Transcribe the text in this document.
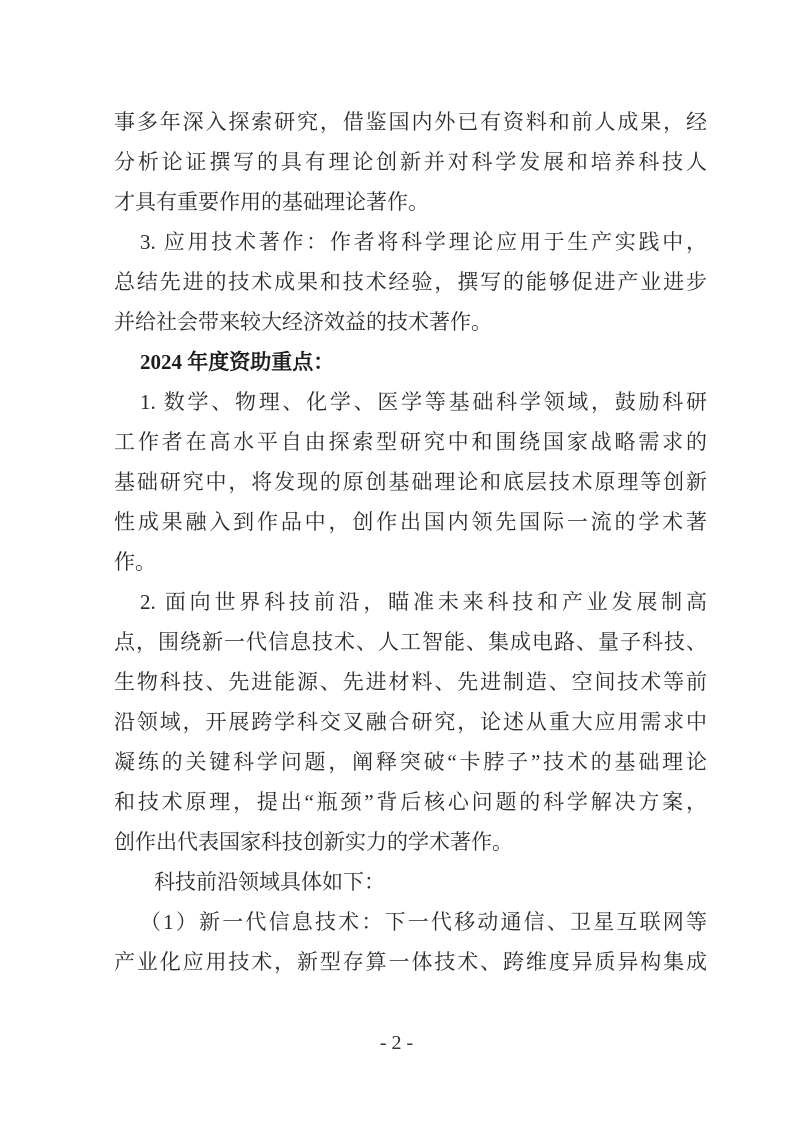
事多年深入探索研究，借鉴国内外已有资料和前人成果，经
分析论证撰写的具有理论创新并对科学发展和培养科技人
才具有重要作用的基础理论著作。
3. 应用技术著作：作者将科学理论应用于生产实践中，
总结先进的技术成果和技术经验，撰写的能够促进产业进步
并给社会带来较大经济效益的技术著作。
2024 年度资助重点：
1. 数学、物理、化学、医学等基础科学领域，鼓励科研
工作者在高水平自由探索型研究中和围绕国家战略需求的
基础研究中，将发现的原创基础理论和底层技术原理等创新
性成果融入到作品中，创作出国内领先国际一流的学术著
作。
2. 面向世界科技前沿，瞄准未来科技和产业发展制高
点，围绕新一代信息技术、人工智能、集成电路、量子科技、
生物科技、先进能源、先进材料、先进制造、空间技术等前
沿领域，开展跨学科交叉融合研究，论述从重大应用需求中
凝练的关键科学问题，阐释突破“卡脖子”技术的基础理论
和技术原理，提出“瓶颈”背后核心问题的科学解决方案，
创作出代表国家科技创新实力的学术著作。
科技前沿领域具体如下：
（1）新一代信息技术：下一代移动通信、卫星互联网等
产业化应用技术，新型存算一体技术、跨维度异质异构集成
- 2 -
